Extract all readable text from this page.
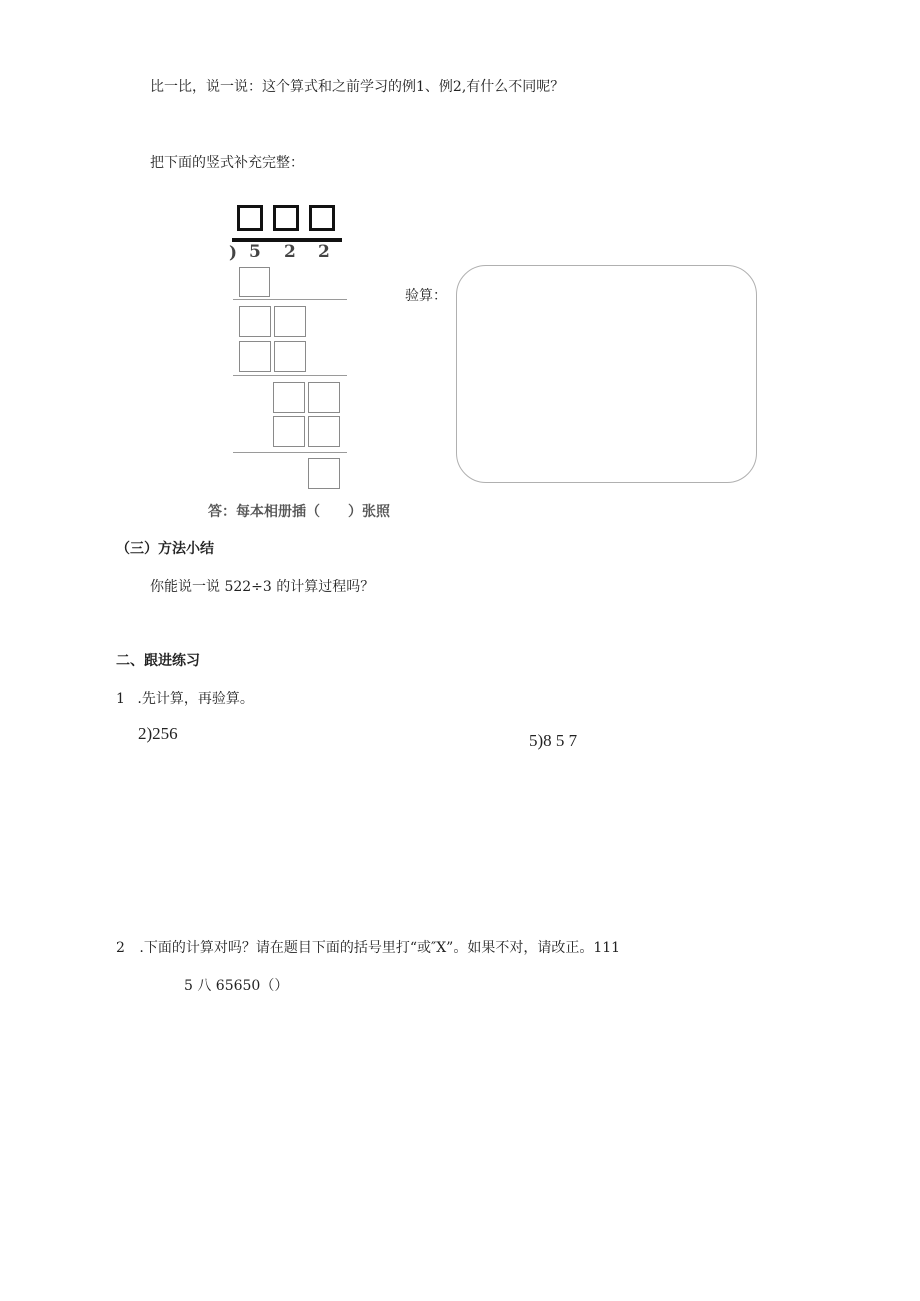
比一比，说一说：这个算式和之前学习的例1、例2,有什么不同呢？
把下面的竖式补充完整：
) 5 2 2
验算：
答：每本相册插（　　）张照
（三）方法小结
你能说一说 522÷3 的计算过程吗？
二、跟进练习
1 .先计算，再验算。
2)256	5)8 5 7
2 .下面的计算对吗？请在题目下面的括号里打“或″X”。如果不对，请改正。111
5 八 65650（）
